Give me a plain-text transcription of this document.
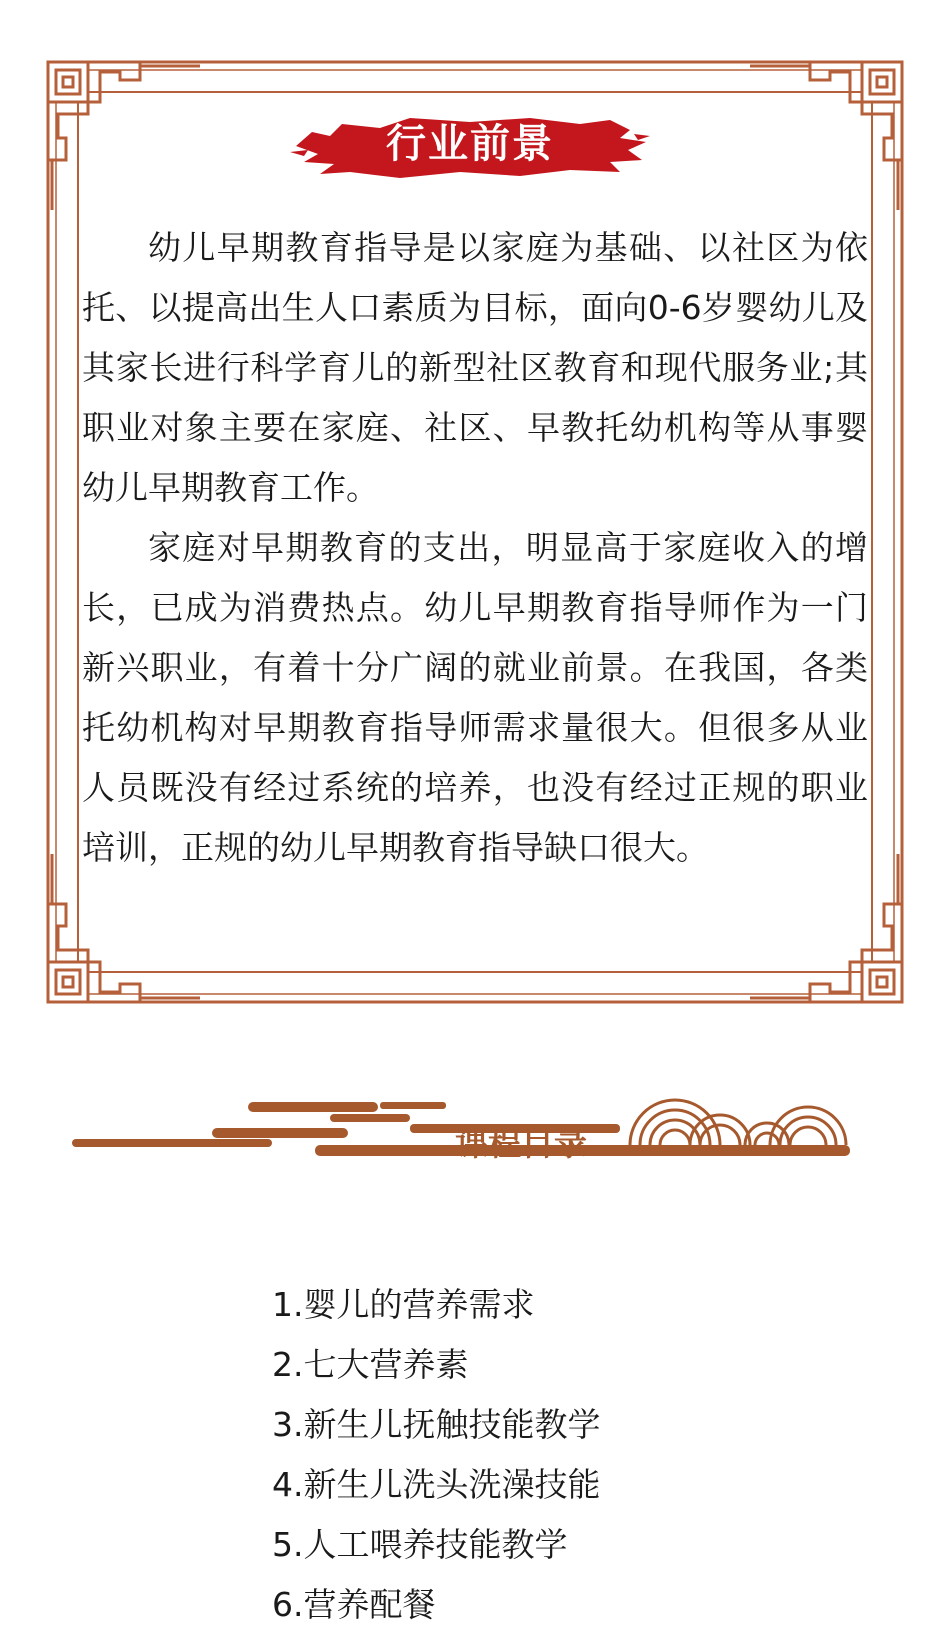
行业前景

幼儿早期教育指导是以家庭为基础、以社区为依托、以提高出生人口素质为目标，面向0-6岁婴幼儿及其家长进行科学育儿的新型社区教育和现代服务业;其职业对象主要在家庭、社区、早教托幼机构等从事婴幼儿早期教育工作。

家庭对早期教育的支出，明显高于家庭收入的增长，已成为消费热点。幼儿早期教育指导师作为一门新兴职业，有着十分广阔的就业前景。在我国，各类托幼机构对早期教育指导师需求量很大。但很多从业人员既没有经过系统的培养，也没有经过正规的职业培训，正规的幼儿早期教育指导缺口很大。

课程目录
1.婴儿的营养需求
2.七大营养素
3.新生儿抚触技能教学
4.新生儿洗头洗澡技能
5.人工喂养技能教学
6.营养配餐
